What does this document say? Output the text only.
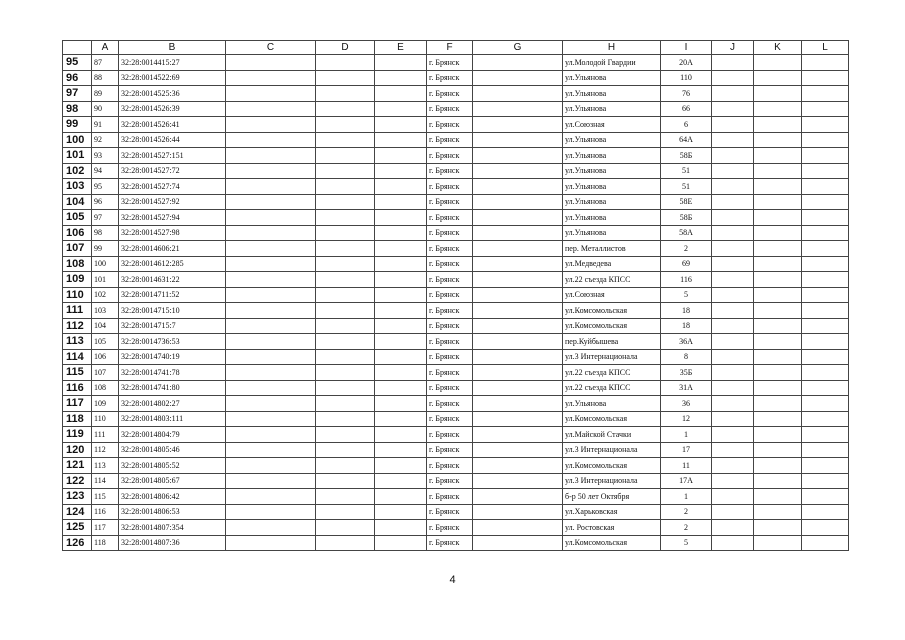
	A	B	C	D	E	F	G	H	I	J	K	L
95	87	32:28:0014415:27				г. Брянск		ул.Молодой Гвардии	20А			
96	88	32:28:0014522:69				г. Брянск		ул.Ульянова	110			
97	89	32:28:0014525:36				г. Брянск		ул.Ульянова	76			
98	90	32:28:0014526:39				г. Брянск		ул.Ульянова	66			
99	91	32:28:0014526:41				г. Брянск		ул.Союзная	6			
100	92	32:28:0014526:44				г. Брянск		ул.Ульянова	64А			
101	93	32:28:0014527:151				г. Брянск		ул.Ульянова	58Б			
102	94	32:28:0014527:72				г. Брянск		ул.Ульянова	51			
103	95	32:28:0014527:74				г. Брянск		ул.Ульянова	51			
104	96	32:28:0014527:92				г. Брянск		ул.Ульянова	58Е			
105	97	32:28:0014527:94				г. Брянск		ул.Ульянова	58Б			
106	98	32:28:0014527:98				г. Брянск		ул.Ульянова	58А			
107	99	32:28:0014606:21				г. Брянск		пер. Металлистов	2			
108	100	32:28:0014612:285				г. Брянск		ул.Медведева	69			
109	101	32:28:0014631:22				г. Брянск		ул.22 съезда КПСС	116			
110	102	32:28:0014711:52				г. Брянск		ул.Союзная	5			
111	103	32:28:0014715:10				г. Брянск		ул.Комсомольская	18			
112	104	32:28:0014715:7				г. Брянск		ул.Комсомольская	18			
113	105	32:28:0014736:53				г. Брянск		пер.Куйбышева	36А			
114	106	32:28:0014740:19				г. Брянск		ул.3 Интернационала	8			
115	107	32:28:0014741:78				г. Брянск		ул.22 съезда КПСС	35Б			
116	108	32:28:0014741:80				г. Брянск		ул.22 съезда КПСС	31А			
117	109	32:28:0014802:27				г. Брянск		ул.Ульянова	36			
118	110	32:28:0014803:111				г. Брянск		ул.Комсомольская	12			
119	111	32:28:0014804:79				г. Брянск		ул.Майской Стачки	1			
120	112	32:28:0014805:46				г. Брянск		ул.3 Интернационала	17			
121	113	32:28:0014805:52				г. Брянск		ул.Комсомольская	11			
122	114	32:28:0014805:67				г. Брянск		ул.3 Интернационала	17А			
123	115	32:28:0014806:42				г. Брянск		б-р 50 лет Октября	1			
124	116	32:28:0014806:53				г. Брянск		ул.Харьковская	2			
125	117	32:28:0014807:354				г. Брянск		ул. Ростовская	2			
126	118	32:28:0014807:36				г. Брянск		ул.Комсомольская	5			
4
